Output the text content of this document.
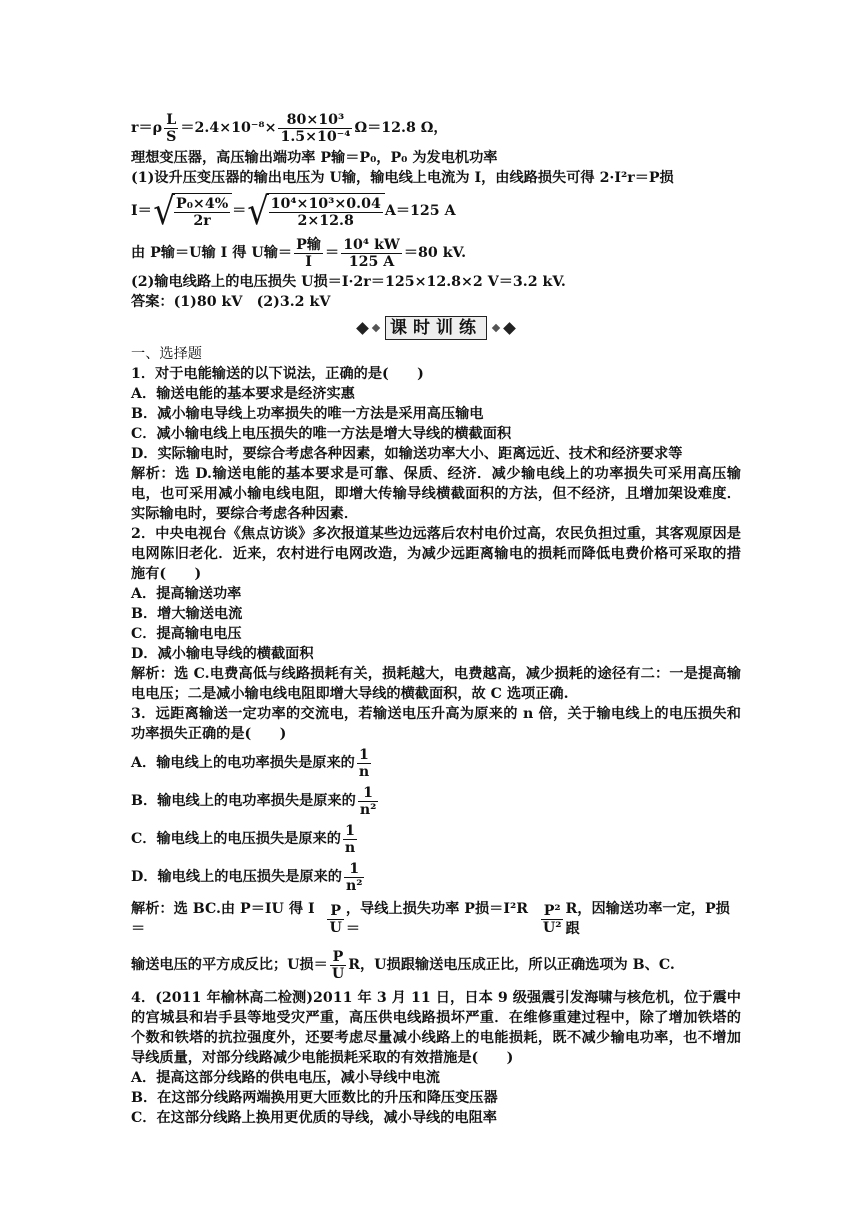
$r=\rho \frac{L}{S} =2.4\times 10^{-8}\times \frac{\text{80×10³}}{\text{1.5×10⁻⁴}} \Omega=12.8$ Ω，
理想变压器，高压输出端功率 P输＝P₀，P₀ 为发电机功率
(1)设升压变压器的输出电压为 U输，输电线上电流为 I，由线路损失可得 2·I²r＝P损
I＝ √ $\frac{\text{P₀×4\%}}{2r}$ ＝ √ $\frac{\text{10⁴×10³×0.04}}{2\times 12.8} A=125$ A
由 P输＝U输 I 得 U输＝ $\frac{\text{P输}}{I} = \frac{\text{10⁴ kW}}{125 A} =80$ kV.
(2)输电线路上的电压损失 U损＝I·2r＝125×12.8×2 V＝3.2 kV.
答案：(1)80 kV　(2)3.2 kV
课时训练
一、选择题
1．对于电能输送的以下说法，正确的是(　　)
A．输送电能的基本要求是经济实惠
B．减小输电导线上功率损失的唯一方法是采用高压输电
C．减小输电线上电压损失的唯一方法是增大导线的横截面积
D．实际输电时，要综合考虑各种因素，如输送功率大小、距离远近、技术和经济要求等
解析：选 D.输送电能的基本要求是可靠、保质、经济．减少输电线上的功率损失可采用高压输电，也可采用减小输电线电阻，即增大传输导线横截面积的方法，但不经济，且增加架设难度．实际输电时，要综合考虑各种因素．
2．中央电视台《焦点访谈》多次报道某些边远落后农村电价过高，农民负担过重，其客观原因是电网陈旧老化．近来，农村进行电网改造，为减少远距离输电的损耗而降低电费价格可采取的措施有(　　)
A．提高输送功率
B．增大输送电流
C．提高输电电压
D．减小输电导线的横截面积
解析：选 C.电费高低与线路损耗有关，损耗越大，电费越高，减少损耗的途径有二：一是提高输电电压；二是减小输电线电阻即增大导线的横截面积，故 C 选项正确.
3．远距离输送一定功率的交流电，若输送电压升高为原来的 n 倍，关于输电线上的电压损失和功率损失正确的是(　　)
A．输电线上的电功率损失是原来的 $\frac{1}{n}$
B．输电线上的电功率损失是原来的 $\frac{1}{\text{n²}}$
C．输电线上的电压损失是原来的 $\frac{1}{n}$
D．输电线上的电压损失是原来的 $\frac{1}{\text{n²}}$
解析：选 BC.由 P＝IU 得 I＝	$\frac{P}{U}$ ，导线上损失功率 P损＝I²R＝	$\frac{\text{P²}}{\text{U²}}$ R，因输送功率一定，P损跟
输送电压的平方成反比；U损＝ $\frac{P}{U}$ R，U损跟输送电压成正比，所以正确选项为 B、C.
4．(2011 年榆林高二检测)2011 年 3 月 11 日，日本 9 级强震引发海啸与核危机，位于震中的宫城县和岩手县等地受灾严重，高压供电线路损坏严重．在维修重建过程中，除了增加铁塔的个数和铁塔的抗拉强度外，还要考虑尽量减小线路上的电能损耗，既不减少输电功率，也不增加导线质量，对部分线路减少电能损耗采取的有效措施是(　　)
A．提高这部分线路的供电电压，减小导线中电流
B．在这部分线路两端换用更大匝数比的升压和降压变压器
C．在这部分线路上换用更优质的导线，减小导线的电阻率
